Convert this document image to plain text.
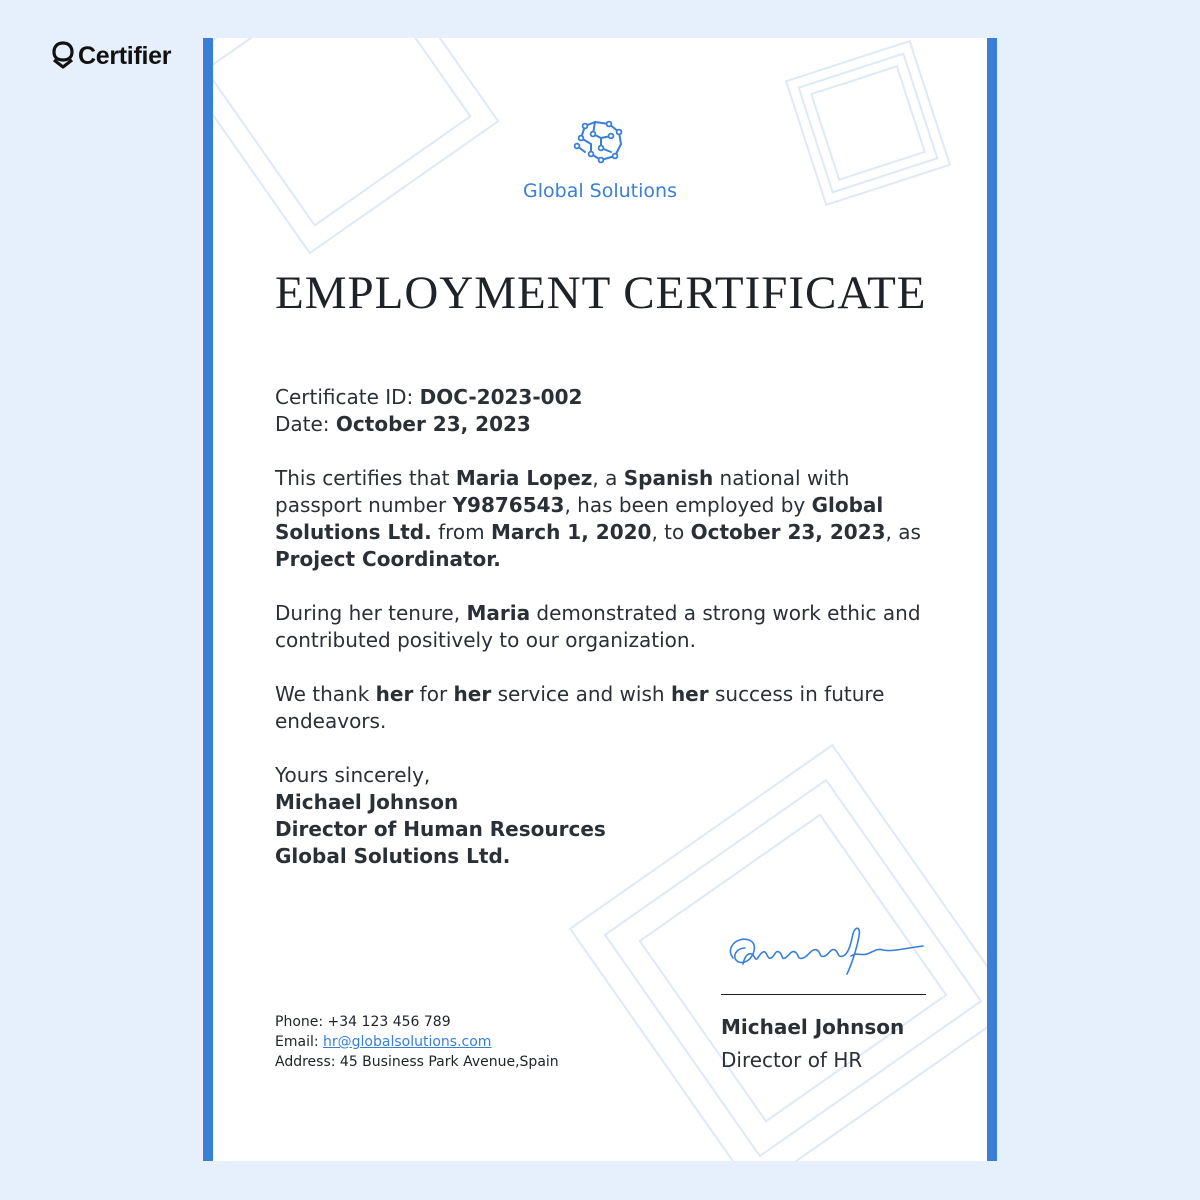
Certifier
Global Solutions
EMPLOYMENT CERTIFICATE

Certificate ID: DOC-2023-002

Date: October 23, 2023

This certifies that Maria Lopez, a Spanish national with passport number Y9876543, has been employed by Global Solutions Ltd. from March 1, 2020, to October 23, 2023, as Project Coordinator.

During her tenure, Maria demonstrated a strong work ethic and contributed positively to our organization.

We thank her for her service and wish her success in future endeavors.

Yours sincerely,

Michael Johnson

Director of Human Resources

Global Solutions Ltd.

Phone: +34 123 456 789
Email: hr@globalsolutions.com
Address: 45 Business Park Avenue,Spain
Michael Johnson
Director of HR
